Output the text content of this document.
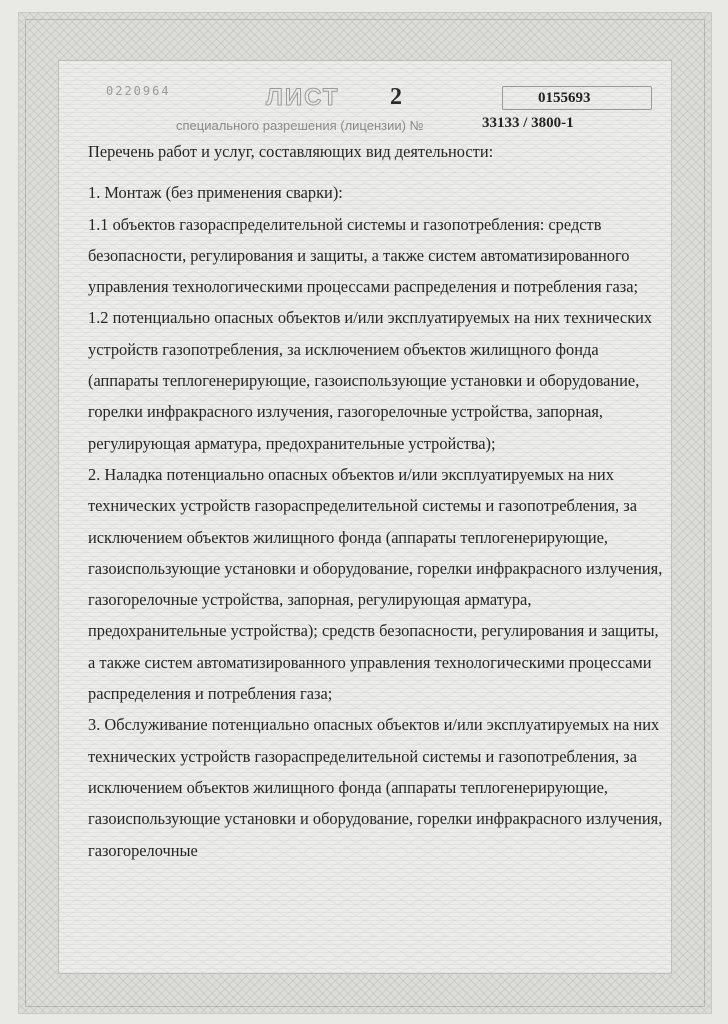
0220964	ЛИСТ 2	0155693
специального разрешения (лицензии) №	33133 / 3800-1

Перечень работ и услуг, составляющих вид деятельности:

1. Монтаж (без применения сварки):

1.1 объектов газораспределительной системы и газопотребления: средств безопасности, регулирования и защиты, а также систем автоматизированного управления технологическими процессами распределения и потребления газа;

1.2 потенциально опасных объектов и/или эксплуатируемых на них технических устройств газопотребления, за исключением объектов жилищного фонда (аппараты теплогенерирующие, газоиспользующие установки и оборудование, горелки инфракрасного излучения, газогорелочные устройства, запорная, регулирующая арматура, предохранительные устройства);

2. Наладка потенциально опасных объектов и/или эксплуатируемых на них технических устройств газораспределительной системы и газопотребления, за исключением объектов жилищного фонда (аппараты теплогенерирующие, газоиспользующие установки и оборудование, горелки инфракрасного излучения, газогорелочные устройства, запорная, регулирующая арматура, предохранительные устройства); средств безопасности, регулирования и защиты, а также систем автоматизированного управления технологическими процессами распределения и потребления газа;

3. Обслуживание потенциально опасных объектов и/или эксплуатируемых на них технических устройств газораспределительной системы и газопотребления, за исключением объектов жилищного фонда (аппараты теплогенерирующие, газоиспользующие установки и оборудование, горелки инфракрасного излучения, газогорелочные
